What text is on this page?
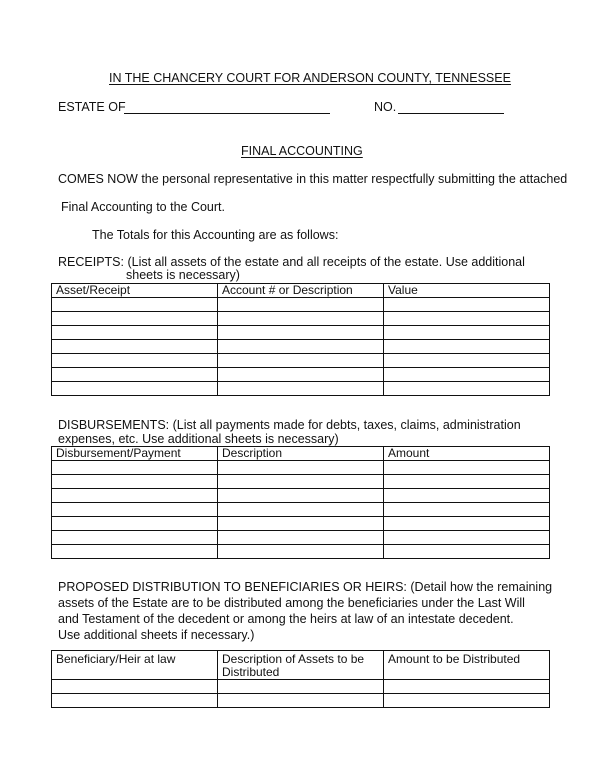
IN THE CHANCERY COURT FOR ANDERSON COUNTY, TENNESSEE
ESTATE OF	NO.
FINAL ACCOUNTING
COMES NOW the personal representative in this matter respectfully submitting the attached
Final Accounting to the Court.
The Totals for this Accounting are as follows:
RECEIPTS: (List all assets of the estate and all receipts of the estate. Use additional
sheets is necessary)
Asset/Receipt	Account # or Description	Value

DISBURSEMENTS: (List all payments made for debts, taxes, claims, administration
expenses, etc. Use additional sheets is necessary)
Disbursement/Payment	Description	Amount

PROPOSED DISTRIBUTION TO BENEFICIARIES OR HEIRS: (Detail how the remaining
assets of the Estate are to be distributed among the beneficiaries under the Last Will
and Testament of the decedent or among the heirs at law of an intestate decedent.
Use additional sheets if necessary.)
Beneficiary/Heir at law	Description of Assets to be Distributed	Amount to be Distributed
